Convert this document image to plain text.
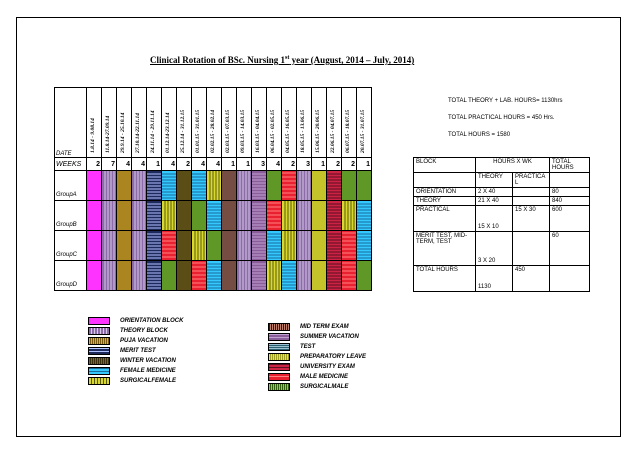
Clinical Rotation of BSc. Nursing 1st year (August, 2014 – July, 2014)
DATE	1.8.14 - 9.08.14	11.8.14-27.09.14	29.9.14 - 25.10.14	27.10.14-22.11.14	24.11.14 - 29.11.14	01.12.14-23.12.14	25.12.14 - 31.12.15	01.01.15 - 31.01.15	02.02.15 - 28.02.14	02.03.15 - 07.03.15	09.03.15 - 14.03.15	16.03.15 - 04.04.15	06.04.15 - 02.05.15	04.05.15 - 16.05.15	18.05.15 - 13.06.15	15.06.15 - 20.06.15	22.06.15 - 04.07.15	06.07.15 - 18.07.15	20.07.15 - 31.07.15

WEEKS	2	7	4	4	1	4	2	4	4	1	1	3	4	2	3	1	2	2	1
GroupA																			
GroupB																			
GroupC																			
GroupD																			
TOTAL THEORY + LAB. HOURS= 1130hrs
TOTAL PRACTICAL HOURS = 450 Hrs.
TOTAL HOURS = 1580
BLOCK	HOURS X WK		TOTAL HOURS
	THEORY	PRACTICA L	
ORIENTATION	2 X 40		80
THEORY	21 X 40		840
PRACTICAL	15 X 10	15 X 30	600
MERIT TEST, MID-TERM, TEST	3 X 20		60
TOTAL HOURS	1130	450	
ORIENTATION BLOCK
THEORY BLOCK
PUJA VACATION
MERIT TEST
WINTER VACATION
FEMALE MEDICINE
SURGICALFEMALE
MID TERM EXAM
SUMMER VACATION
TEST
PREPARATORY LEAVE
UNIVERSITY EXAM
MALE MEDICINE
SURGICALMALE
